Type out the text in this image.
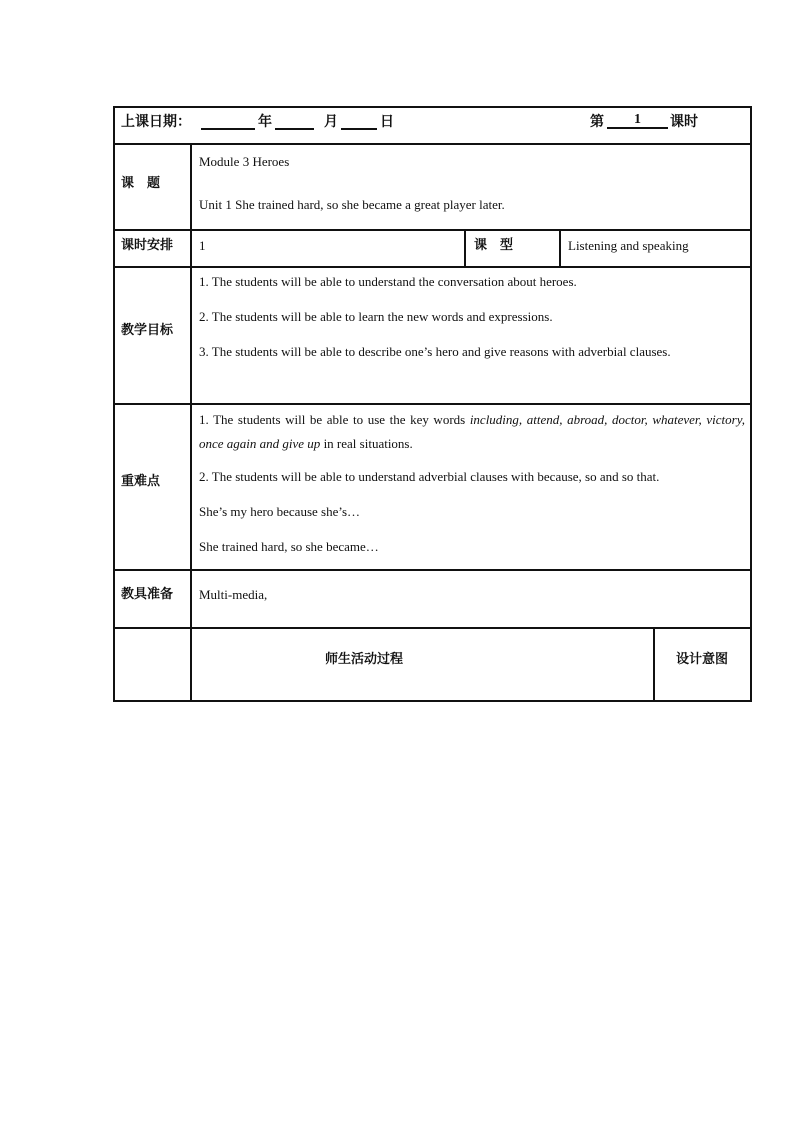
上课日期：	年	月	日	第	1	课时
课　题
Module 3 Heroes
Unit 1 She trained hard, so she became a great player later.
课时安排 1	课　型	Listening and speaking
教学目标
1. The students will be able to understand the conversation about heroes.
2. The students will be able to learn the new words and expressions.
3. The students will be able to describe one’s hero and give reasons with adverbial clauses.
重难点
1. The students will be able to use the key words including, attend, abroad, doctor, whatever, victory, once again and give up in real situations.
2. The students will be able to understand adverbial clauses with because, so and so that.
She’s my hero because she’s…
She trained hard, so she became…
教具准备 Multi-media,
师生活动过程	设计意图
